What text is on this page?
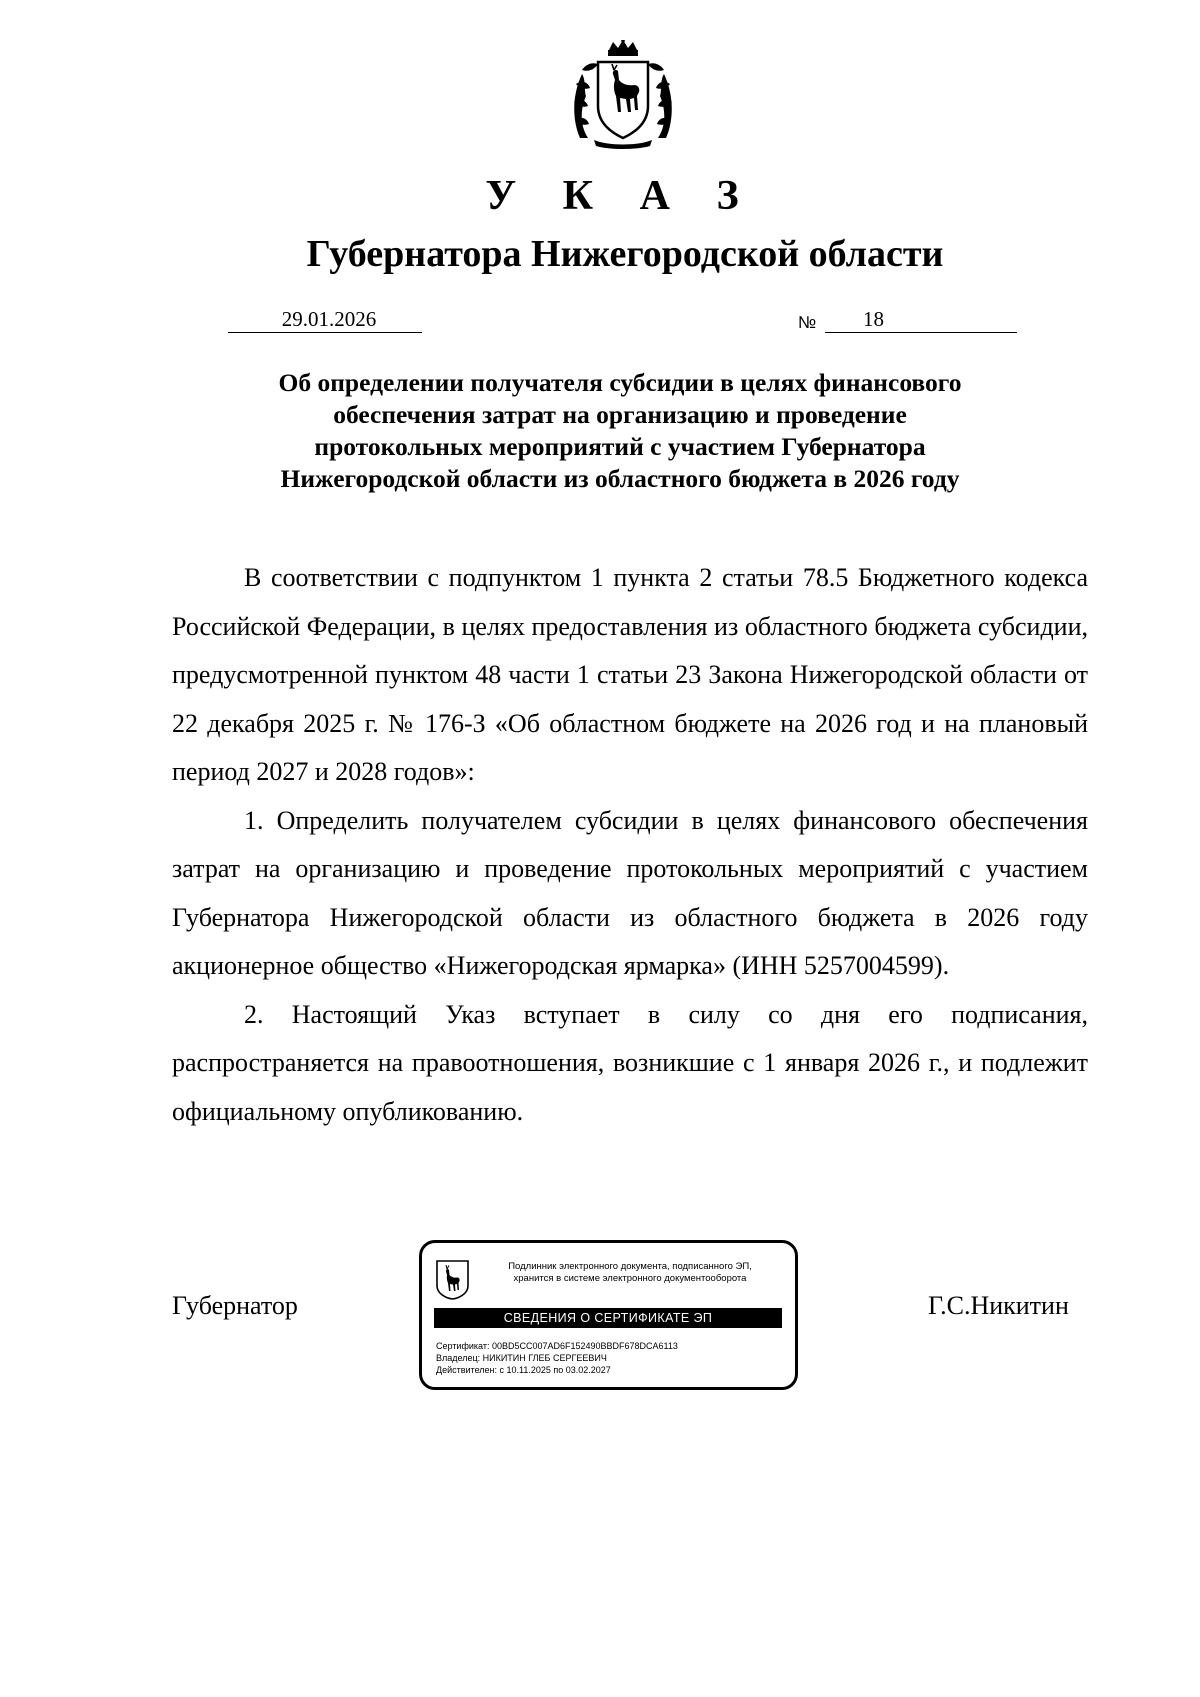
У К А З
Губернатора Нижегородской области
29.01.2026	№	18
Об определении получателя субсидии в целях финансового
обеспечения затрат на организацию и проведение
протокольных мероприятий с участием Губернатора
Нижегородской области из областного бюджета в 2026 году

В соответствии с подпунктом 1 пункта 2 статьи 78.5 Бюджетного кодекса Российской Федерации, в целях предоставления из областного бюджета субсидии, предусмотренной пунктом 48 части 1 статьи 23 Закона Нижегородской области от 22 декабря 2025 г. № 176-З «Об областном бюджете на 2026 год и на плановый период 2027 и 2028 годов»:

1. Определить получателем субсидии в целях финансового обеспечения затрат на организацию и проведение протокольных мероприятий с участием Губернатора Нижегородской области из областного бюджета в 2026 году акционерное общество «Нижегородская ярмарка» (ИНН 5257004599).

2. Настоящий Указ вступает в силу со дня его подписания, распространяется на правоотношения, возникшие с 1 января 2026 г., и подлежит официальному опубликованию.

Губернатор	Г.С.Никитин
Подлинник электронного документа, подписанного ЭП,
хранится в системе электронного документооборота
СВЕДЕНИЯ О СЕРТИФИКАТЕ ЭП
Сертификат: 00BD5CC007AD6F152490BBDF678DCA6113
Владелец: НИКИТИН ГЛЕБ СЕРГЕЕВИЧ
Действителен: с 10.11.2025 по 03.02.2027
